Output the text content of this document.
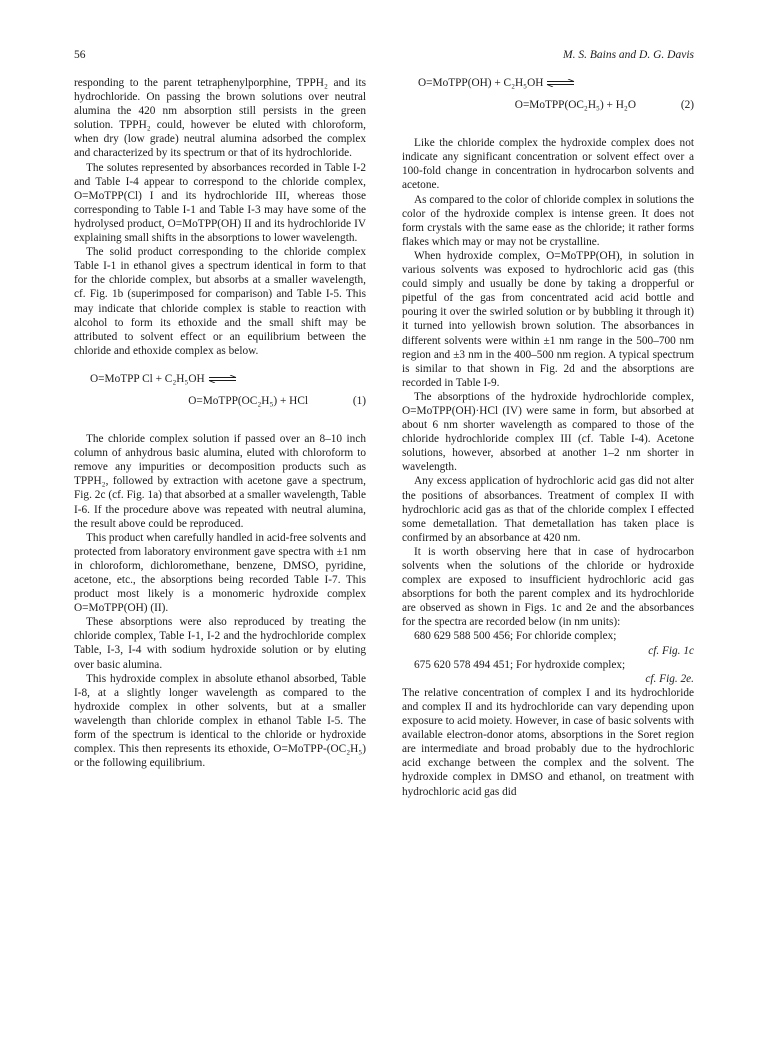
56	M. S. Bains and D. G. Davis

responding to the parent tetraphenylporphine, TPPH₂ and its hydrochloride. On passing the brown solutions over neutral alumina the 420 nm absorption still persists in the green solution. TPPH₂ could, however be eluted with chloroform, when dry (low grade) neutral alumina adsorbed the complex and characterized by its spectrum or that of its hydrochloride.

The solutes represented by absorbances recorded in Table I-2 and Table I-4 appear to correspond to the chloride complex, O=MoTPP(Cl) I and its hydrochloride III, whereas those corresponding to Table I-1 and Table I-3 may have some of the hydrolysed product, O=MoTPP(OH) II and its hydrochloride IV explaining small shifts in the absorptions to lower wavelength.

The solid product corresponding to the chloride complex Table I-1 in ethanol gives a spectrum identical in form to that for the chloride complex, but absorbs at a smaller wavelength, cf. Fig. 1b (superimposed for comparison) and Table I-5. This may indicate that chloride complex is stable to reaction with alcohol to form its ethoxide and the small shift may be attributed to solvent effect or an equilibrium between the chloride and ethoxide complex as below.

O=MoTPP Cl + C₂H₅OH ⇌
O=MoTPP(OC₂H₅) + HCl	(1)

The chloride complex solution if passed over an 8–10 inch column of anhydrous basic alumina, eluted with chloroform to remove any impurities or decomposition products such as TPPH₂, followed by extraction with acetone gave a spectrum, Fig. 2c (cf. Fig. 1a) that absorbed at a smaller wavelength, Table I-6. If the procedure above was repeated with neutral alumina, the result above could be reproduced.

This product when carefully handled in acid-free solvents and protected from laboratory environment gave spectra with ±1 nm in chloroform, dichloromethane, benzene, DMSO, pyridine, acetone, etc., the absorptions being recorded Table I-7. This product most likely is a monomeric hydroxide complex O=MoTPP(OH) (II).

These absorptions were also reproduced by treating the chloride complex, Table I-1, I-2 and the hydrochloride complex Table, I-3, I-4 with sodium hydroxide solution or by eluting over basic alumina.

This hydroxide complex in absolute ethanol absorbed, Table I-8, at a slightly longer wavelength as compared to the hydroxide complex in other solvents, but at a smaller wavelength than chloride complex in ethanol Table I-5. The form of the spectrum is identical to the chloride or hydroxide complex. This then represents its ethoxide, O=MoTPP-(OC₂H₅) or the following equilibrium.

O=MoTPP(OH) + C₂H₅OH ⇌
O=MoTPP(OC₂H₅) + H₂O	(2)

Like the chloride complex the hydroxide complex does not indicate any significant concentration or solvent effect over a 100-fold change in concentration in hydrocarbon solvents and acetone.

As compared to the color of chloride complex in solutions the color of the hydroxide complex is intense green. It does not form crystals with the same ease as the chloride; it rather forms flakes which may or may not be crystalline.

When hydroxide complex, O=MoTPP(OH), in solution in various solvents was exposed to hydrochloric acid gas (this could simply and usually be done by taking a dropperful or pipetful of the gas from concentrated acid acid bottle and pouring it over the swirled solution or by bubbling it through it) it turned into yellowish brown solution. The absorbances in different solvents were within ±1 nm range in the 500–700 nm region and ±3 nm in the 400–500 nm region. A typical spectrum is similar to that shown in Fig. 2d and the absorptions are recorded in Table I-9.

The absorptions of the hydroxide hydrochloride complex, O=MoTPP(OH)·HCl (IV) were same in form, but absorbed at about 6 nm shorter wavelength as compared to those of the chloride hydrochloride complex III (cf. Table I-4). Acetone solutions, however, absorbed at another 1–2 nm shorter in wavelength.

Any excess application of hydrochloric acid gas did not alter the positions of absorbances. Treatment of complex II with hydrochloric acid gas as that of the chloride complex I effected some demetallation. That demetallation has taken place is confirmed by an absorbance at 420 nm.

It is worth observing here that in case of hydrocarbon solvents when the solutions of the chloride or hydroxide complex are exposed to insufficient hydrochloric acid gas absorptions for both the parent complex and its hydrochloride are observed as shown in Figs. 1c and 2e and the absorbances for the spectra are recorded below (in nm units):

680 629 588 500 456; For chloride complex;
cf. Fig. 1c
675 620 578 494 451; For hydroxide complex;
cf. Fig. 2e.

The relative concentration of complex I and its hydrochloride and complex II and its hydrochloride can vary depending upon exposure to acid moiety. However, in case of basic solvents with available electron-donor atoms, absorptions in the Soret region are intermediate and broad probably due to the hydrochloric acid exchange between the complex and the solvent. The hydroxide complex in DMSO and ethanol, on treatment with hydrochloric acid gas did
